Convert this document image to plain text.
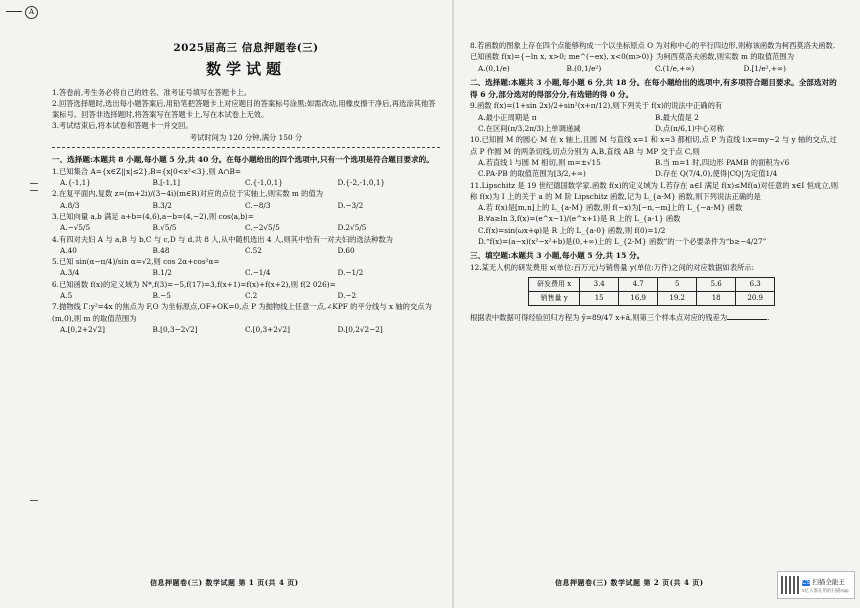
A
2025届高三 信息押题卷(三)
数学试题

1.答卷前,考生务必将自己的姓名、准考证号填写在答题卡上。

2.回答选择题时,选出每小题答案后,用铅笔把答题卡上对应题目的答案标号涂黑;如需改动,用橡皮擦干净后,再选涂其他答案标号。回答非选择题时,将答案写在答题卡上,写在本试卷上无效。

3.考试结束后,将本试卷和答题卡一并交回。

考试时间为 120 分钟,满分 150 分

一、选择题:本题共 8 小题,每小题 5 分,共 40 分。在每小题给出的四个选项中,只有一个选项是符合题目要求的。

1.已知集合 A={x∈Z||x|≤2},B={x|0<x²<3},则 A∩B=

A.{-1,1}	B.[-1,1]	C.{-1,0,1}	D.{-2,-1,0,1}

2.在复平面内,复数 z=(m+2i)/(3−4i)(m∈R)对应的点位于实轴上,则实数 m 的值为

A.8/3	B.3/2	C.−8/3	D.−3/2

3.已知向量 a,b 满足 a+b=(4,6),a−b=(4,−2),则 cos⟨a,b⟩=

A.−√5/5	B.√5/5	C.−2√5/5	D.2√5/5

4.有四对夫妇 A 与 a,B 与 b,C 与 c,D 与 d,共 8 人,从中随机选出 4 人,则其中恰有一对夫妇的选法种数为

A.40	B.48	C.52	D.60

5.已知 sin(α−π/4)/sin α=√2,则 cos 2α+cos²α=

A.3/4	B.1/2	C.−1/4	D.−1/2

6.已知函数 f(x)的定义域为 N*,f(3)=−5,f(17)=3,f(x+1)=f(x)+f(x+2),则 f(2 026)=

A.5	B.−5	C.2	D.−2

7.抛物线 Γ:y²=4x 的焦点为 F,O 为坐标原点,OF+OK=0,点 P 为抛物线上任意一点,∠KPF 的平分线与 x 轴的交点为(m,0),则 m 的取值范围为

A.[0,2+2√2]	B.[0,3−2√2]	C.[0,3+2√2]	D.[0,2√2−2]
信息押题卷(三) 数学试题 第 1 页(共 4 页)

8.若函数的图象上存在四个点能够构成一个以坐标原点 O 为对称中心的平行四边形,则称该函数为柯西莫洛夫函数.已知函数 f(x)={−ln x, x>0; me^(−ex), x<0(m>0)} 为柯西莫洛夫函数,则实数 m 的取值范围为

A.(0,1/e)	B.(0,1/e²)	C.(1/e,+∞)	D.[1/e²,+∞)

二、选择题:本题共 3 小题,每小题 6 分,共 18 分。在每小题给出的选项中,有多项符合题目要求。全部选对的得 6 分,部分选对的得部分分,有选错的得 0 分。

9.函数 f(x)=(1+sin 2x)/2+sin²(x+π/12),则下列关于 f(x)的说法中正确的有

A.最小正周期是 π	B.最大值是 2
C.在区间(π/3,2π/3)上单调递减	D.点(π/6,1)中心对称

10.已知圆 M 的圆心 M 在 x 轴上,且圆 M 与直线 x=1 和 x=3 都相切,点 P 为直线 l:x=my−2 与 y 轴的交点,过点 P 作圆 M 的两条切线,切点分别为 A,B,直线 AB 与 MP 交于点 C,则

A.若直线 l 与圆 M 相切,则 m=±√15	B.当 m=1 时,四边形 PAMB 的面积为√6
C.PA·PB 的取值范围为[3/2,+∞)	D.存在 Q(7/4,0),使得|CQ|为定值1/4

11.Lipschitz 是 19 世纪德国数学家.函数 f(x)的定义域为 I,若存在 a∈I 满足 f(x)≤Mf(a)对任意的 x∈I 恒成立,则称 f(x)为 I 上的关于 a 的 M 阶 Lipschitz 函数,记为 L_{a-M} 函数,则下列说法正确的是

A.若 f(x)是[m,n]上的 L_{a-M} 函数,则 f(−x)为[−n,−m]上的 L_{−a-M} 函数

B.∀a≥ln 3,f(x)=(e^x−1)/(e^x+1)是 R 上的 L_{a-1} 函数

C.f(x)=sin(ωx+φ)是 R 上的 L_{a-0} 函数,则 f(0)=1/2

D.“f(x)=(a−x)(x²−x²+b)是(0,+∞)上的 L_{2-M} 函数”的一个必要条件为“b≥−4/27”

三、填空题:本题共 3 小题,每小题 5 分,共 15 分。

12.某无人机的研发费用 x(单位:百万元)与销售量 y(单位:万件)之间的对应数据如表所示:

研发费用 x	3.4	4.7	5	5.6	6.3
销售量 y	15	16.9	19.2	18	20.9

根据表中数据可得经验回归方程为 ŷ=89/47 x+â,则第三个样本点对应的残差为	.

信息押题卷(三) 数学试题 第 2 页(共 4 页)	CS 扫描全能王
3亿人都在用的扫描App
